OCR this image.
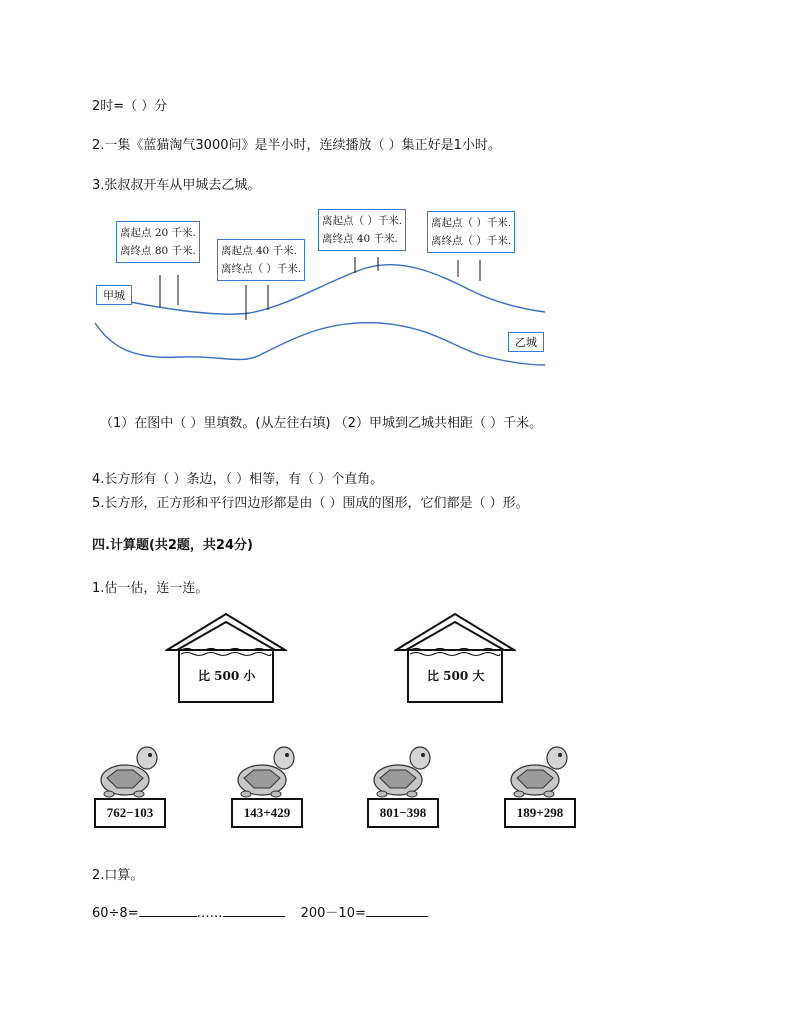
2时=（ ）分
2.一集《蓝猫淘气3000问》是半小时，连续播放（ ）集正好是1小时。
3.张叔叔开车从甲城去乙城。
离起点 20 千米.
离终点 80 千米. 离起点 40 千米.
离终点（ ）千米.
离起点（ ）千米.
离终点 40 千米.
离起点（ ）千米.
离终点（ ）千米.
甲城
乙城
（1）在图中（ ）里填数。(从左往右填) （2）甲城到乙城共相距（ ）千米。
4.长方形有（ ）条边，（ ）相等，有（ ）个直角。
5.长方形，正方形和平行四边形都是由（ ）围成的图形，它们都是（ ）形。
四.计算题(共2题，共24分)
1.估一估，连一连。
比 500 小	比 500 大
762−103	143+429	801−398	189+298
2.口算。
60÷8=	……	200－10=
